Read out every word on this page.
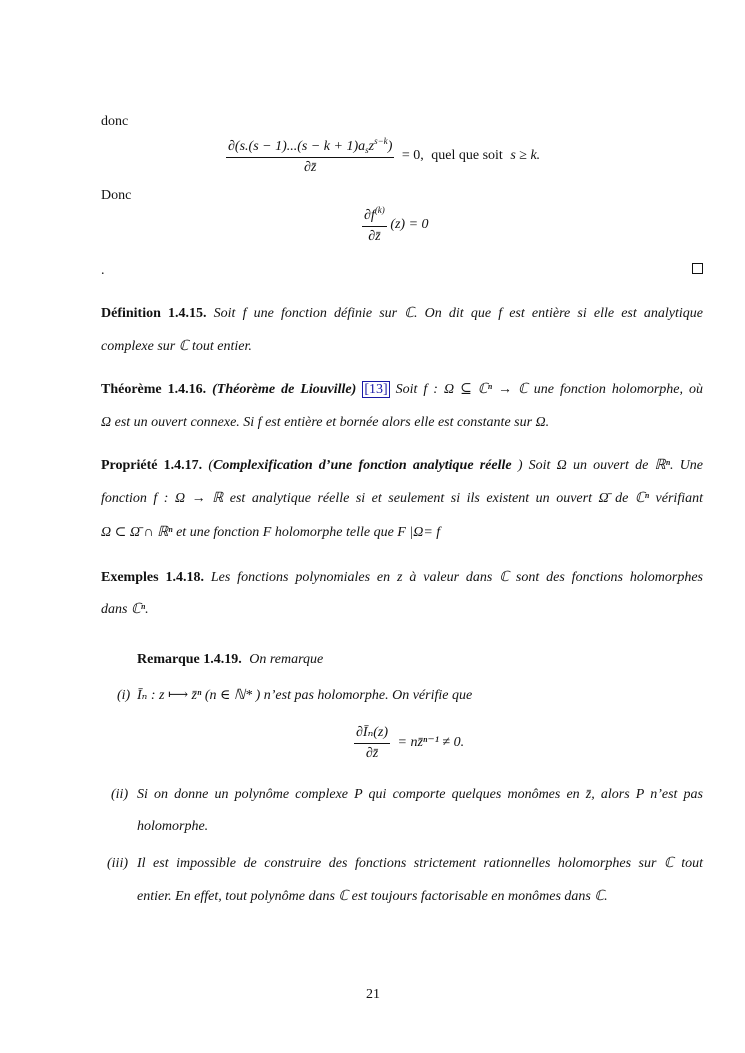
donc
$\frac{\partial(s.(s - 1)...(s - k + 1)a_sz^{s-k})}{\partial z̄} = 0$, quel que soit s ≥ k.
Donc
$\frac{\partial f^{(k)}}{\partial z̄} (z) = 0$
.
Définition 1.4.15. Soit f une fonction définie sur ℂ. On dit que f est entière si elle est analytique
complexe sur ℂ tout entier.
Théorème 1.4.16. (Théorème de Liouville) [13] Soit f : Ω ⊆ ℂⁿ → ℂ une fonction holomorphe, où
Ω est un ouvert connexe. Si f est entière et bornée alors elle est constante sur Ω.
Propriété 1.4.17. (Complexification d’une fonction analytique réelle ) Soit Ω un ouvert de ℝⁿ. Une
fonction f : Ω → ℝ est analytique réelle si et seulement si ils existent un ouvert Ω̄ de ℂⁿ vérifiant
Ω ⊂ Ω̄ ∩ ℝⁿ et une fonction F holomorphe telle que F |Ω= f
Exemples 1.4.18. Les fonctions polynomiales en z à valeur dans ℂ sont des fonctions holomorphes
dans ℂⁿ.
Remarque 1.4.19. On remarque
(i) Īₙ : z ⟼ z̄ⁿ (n ∈ ℕ* ) n’est pas holomorphe. On vérifie que
$\frac{\text{∂Īₙ(z)}}{\partial z̄}$ = nz̄ⁿ⁻¹ ≠ 0.
(ii) Si on donne un polynôme complexe P qui comporte quelques monômes en z̄, alors P n’est pas
holomorphe.
(iii) Il est impossible de construire des fonctions strictement rationnelles holomorphes sur ℂ tout
entier. En effet, tout polynôme dans ℂ est toujours factorisable en monômes dans ℂ.
21
